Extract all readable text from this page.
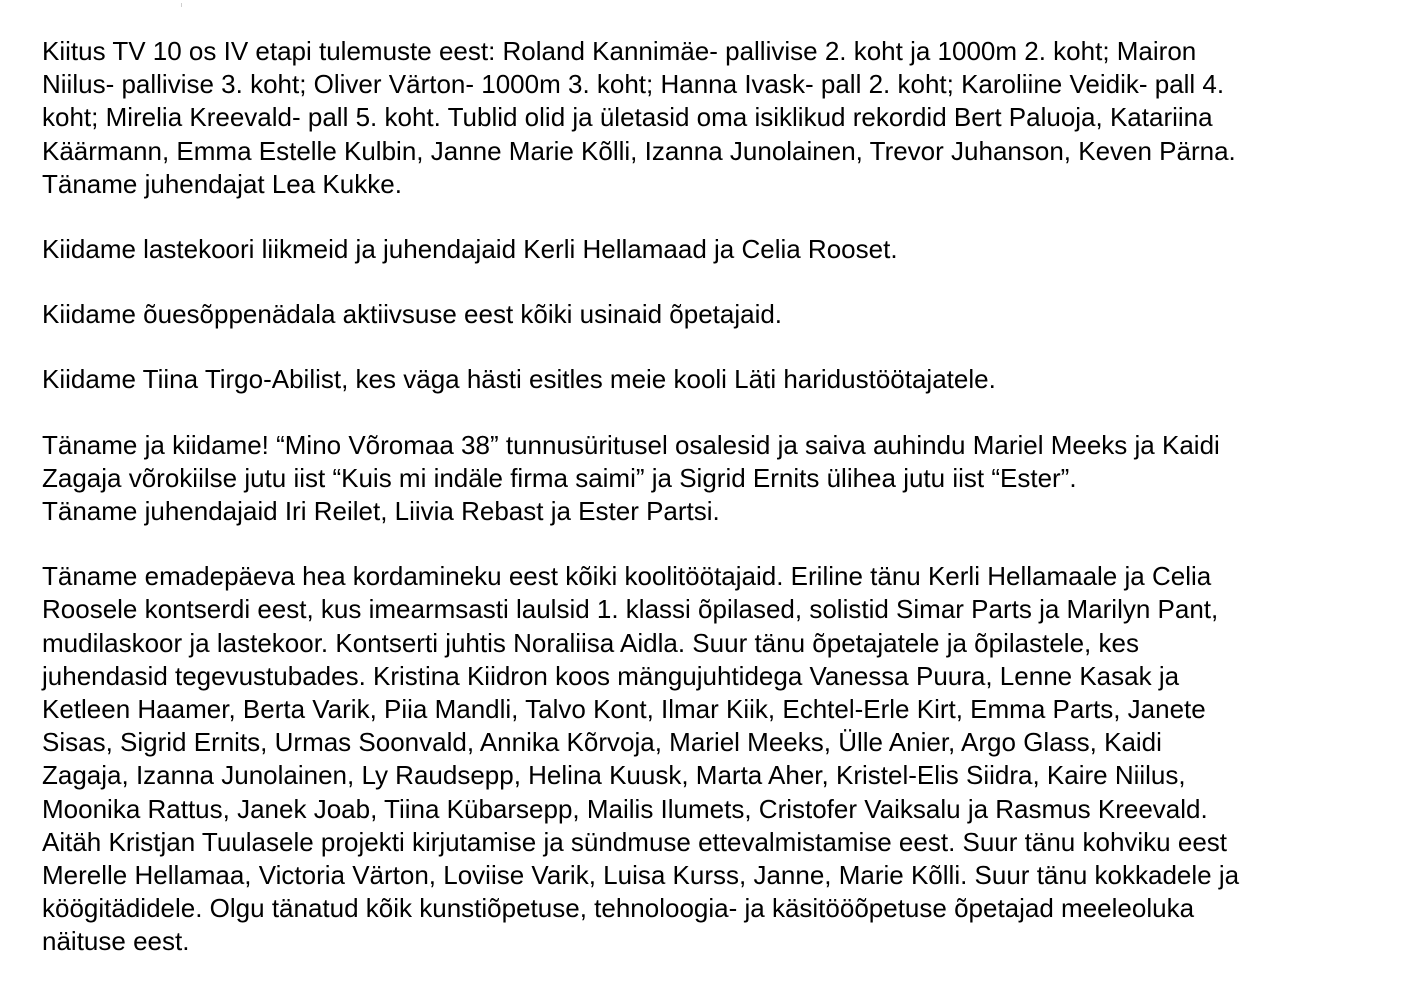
Kiitus TV 10 os IV etapi tulemuste eest: Roland Kannimäe- pallivise 2. koht ja 1000m 2. koht; Mairon
Niilus- pallivise 3. koht; Oliver Värton- 1000m 3. koht; Hanna Ivask- pall 2. koht; Karoliine Veidik- pall 4.
koht; Mirelia Kreevald- pall 5. koht. Tublid olid ja ületasid oma isiklikud rekordid Bert Paluoja, Katariina
Käärmann, Emma Estelle Kulbin, Janne Marie Kõlli, Izanna Junolainen, Trevor Juhanson, Keven Pärna.
Täname juhendajat Lea Kukke.

Kiidame lastekoori liikmeid ja juhendajaid Kerli Hellamaad ja Celia Rooset.

Kiidame õuesõppenädala aktiivsuse eest kõiki usinaid õpetajaid.

Kiidame Tiina Tirgo-Abilist, kes väga hästi esitles meie kooli Läti haridustöötajatele.

Täname ja kiidame! “Mino Võromaa 38” tunnusüritusel osalesid ja saiva auhindu Mariel Meeks ja Kaidi
Zagaja võrokiilse jutu iist “Kuis mi indäle firma saimi” ja Sigrid Ernits ülihea jutu iist “Ester”.
Täname juhendajaid Iri Reilet, Liivia Rebast ja Ester Partsi.

Täname emadepäeva hea kordamineku eest kõiki koolitöötajaid. Eriline tänu Kerli Hellamaale ja Celia
Roosele kontserdi eest, kus imearmsasti laulsid 1. klassi õpilased, solistid Simar Parts ja Marilyn Pant,
mudilaskoor ja lastekoor. Kontserti juhtis Noraliisa Aidla. Suur tänu õpetajatele ja õpilastele, kes
juhendasid tegevustubades. Kristina Kiidron koos mängujuhtidega Vanessa Puura, Lenne Kasak ja
Ketleen Haamer, Berta Varik, Piia Mandli, Talvo Kont, Ilmar Kiik, Echtel-Erle Kirt, Emma Parts, Janete
Sisas, Sigrid Ernits, Urmas Soonvald, Annika Kõrvoja, Mariel Meeks, Ülle Anier, Argo Glass, Kaidi
Zagaja, Izanna Junolainen, Ly Raudsepp, Helina Kuusk, Marta Aher, Kristel-Elis Siidra, Kaire Niilus,
Moonika Rattus, Janek Joab, Tiina Kübarsepp, Mailis Ilumets, Cristofer Vaiksalu ja Rasmus Kreevald.
Aitäh Kristjan Tuulasele projekti kirjutamise ja sündmuse ettevalmistamise eest. Suur tänu kohviku eest
Merelle Hellamaa, Victoria Värton, Loviise Varik, Luisa Kurss, Janne, Marie Kõlli. Suur tänu kokkadele ja
köögitädidele. Olgu tänatud kõik kunstiõpetuse, tehnoloogia- ja käsitööõpetuse õpetajad meeleoluka
näituse eest.
